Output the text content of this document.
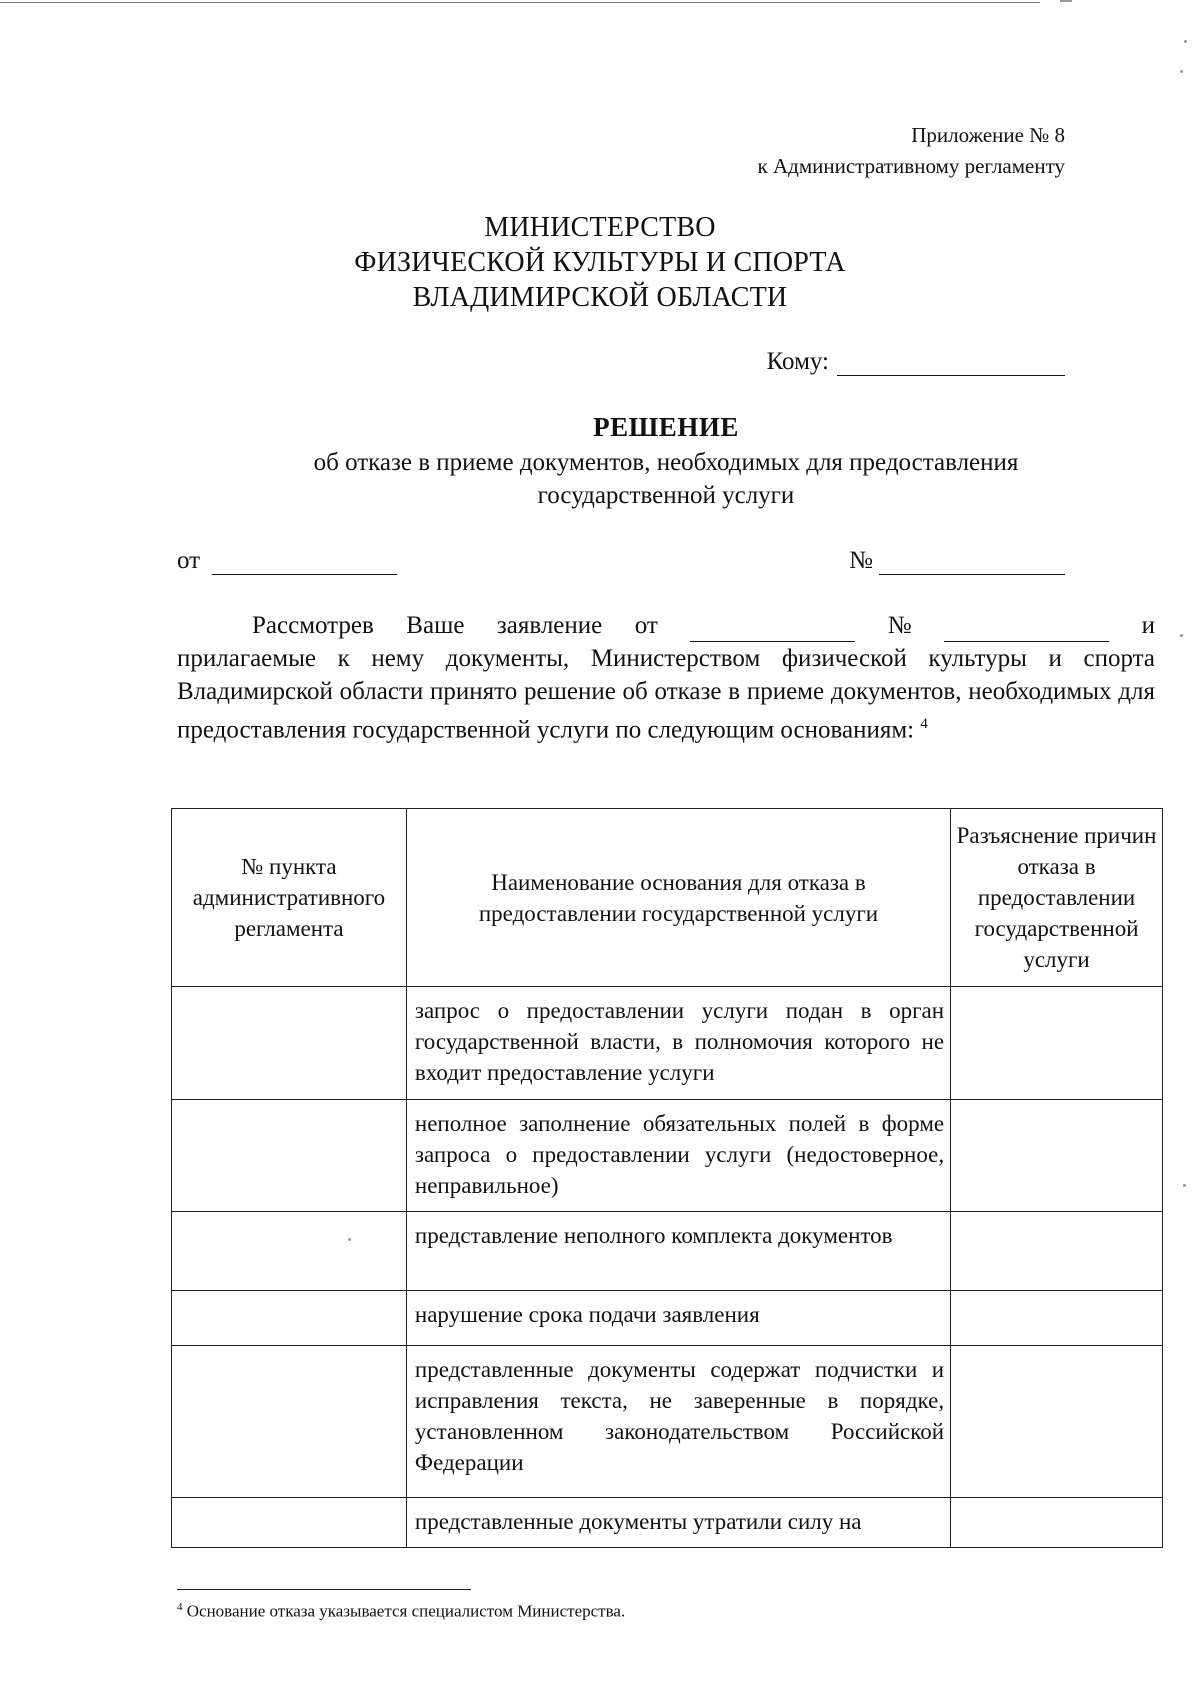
Приложение № 8
к Административному регламенту
МИНИСТЕРСТВО
ФИЗИЧЕСКОЙ КУЛЬТУРЫ И СПОРТА
ВЛАДИМИРСКОЙ ОБЛАСТИ
Кому:
РЕШЕНИЕ
об отказе в приеме документов, необходимых для предоставления
государственной услуги
от	№
Рассмотрев Ваше заявление от	№	и
прилагаемые к нему документы, Министерством физической культуры и спорта Владимирской области принято решение об отказе в приеме документов, необходимых для предоставления государственной услуги по следующим основаниям: $^4$
№ пункта административного регламента	Наименование основания для отказа в предоставлении государственной услуги	Разъяснение причин отказа в предоставлении государственной услуги
	запрос о предоставлении услуги подан в орган государственной власти, в полномочия которого не входит предоставление услуги	
	неполное заполнение обязательных полей в форме запроса о предоставлении услуги (недостоверное, неправильное)	
	представление неполного комплекта документов	
	нарушение срока подачи заявления	
	представленные документы содержат подчистки и исправления текста, не заверенные в порядке, установленном законодательством Российской Федерации	
	представленные документы утратили силу на	
$^4$ Основание отказа указывается специалистом Министерства.
